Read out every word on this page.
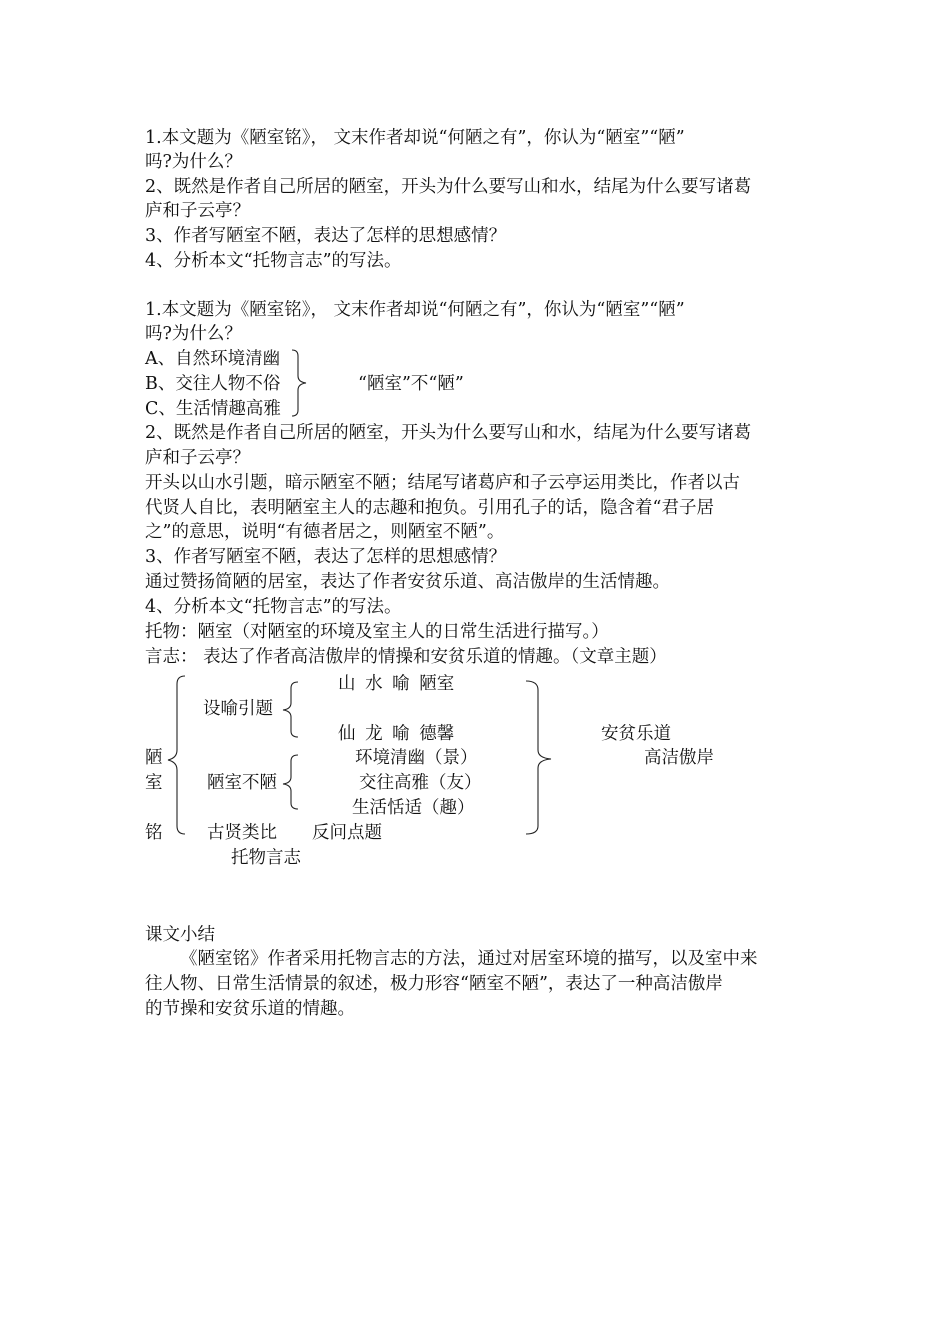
1.本文题为《陋室铭》， 文末作者却说“何陋之有”，你认为“陋室”“陋”

吗?为什么？

2、既然是作者自己所居的陋室，开头为什么要写山和水，结尾为什么要写诸葛

庐和子云亭？

3、作者写陋室不陋，表达了怎样的思想感情？

4、分析本文“托物言志”的写法。

1.本文题为《陋室铭》， 文末作者却说“何陋之有”，你认为“陋室”“陋”

吗?为什么？

A、自然环境清幽

B、交往人物不俗

C、生活情趣高雅

“陋室”不“陋”

2、既然是作者自己所居的陋室，开头为什么要写山和水，结尾为什么要写诸葛

庐和子云亭？

开头以山水引题，暗示陋室不陋；结尾写诸葛庐和子云亭运用类比，作者以古

代贤人自比，表明陋室主人的志趣和抱负。引用孔子的话，隐含着“君子居

之”的意思，说明“有德者居之，则陋室不陋”。

3、作者写陋室不陋，表达了怎样的思想感情？

通过赞扬简陋的居室，表达了作者安贫乐道、高洁傲岸的生活情趣。

4、分析本文“托物言志”的写法。

托物：陋室（对陋室的环境及室主人的日常生活进行描写。）

言志： 表达了作者高洁傲岸的情操和安贫乐道的情趣。（文章主题）

陋

室

铭

设喻引题

山 水 喻 陋室

仙 龙 喻 德馨

陋室不陋

环境清幽（景）

交往高雅（友）

生活恬适（趣）

古贤类比 反问点题

托物言志

安贫乐道

高洁傲岸

课文小结

《陋室铭》作者采用托物言志的方法，通过对居室环境的描写，以及室中来

往人物、日常生活情景的叙述，极力形容“陋室不陋”，表达了一种高洁傲岸

的节操和安贫乐道的情趣。
